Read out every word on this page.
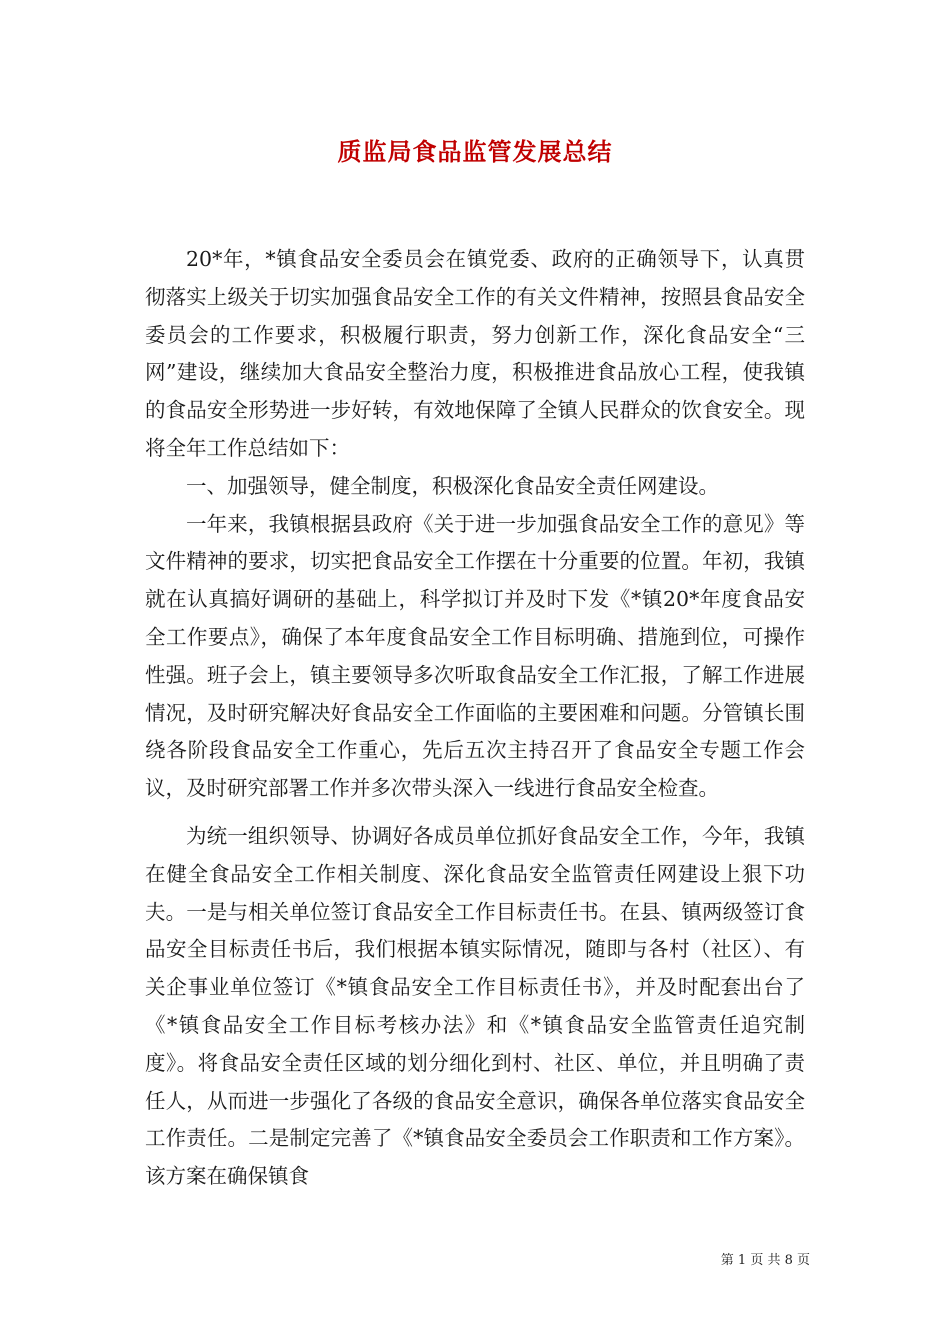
质监局食品监管发展总结

20*年，*镇食品安全委员会在镇党委、政府的正确领导下，认真贯彻落实上级关于切实加强食品安全工作的有关文件精神，按照县食品安全委员会的工作要求，积极履行职责，努力创新工作，深化食品安全“三网”建设，继续加大食品安全整治力度，积极推进食品放心工程，使我镇的食品安全形势进一步好转，有效地保障了全镇人民群众的饮食安全。现将全年工作总结如下：

一、加强领导，健全制度，积极深化食品安全责任网建设。

一年来，我镇根据县政府《关于进一步加强食品安全工作的意见》等文件精神的要求，切实把食品安全工作摆在十分重要的位置。年初，我镇就在认真搞好调研的基础上，科学拟订并及时下发《*镇20*年度食品安全工作要点》，确保了本年度食品安全工作目标明确、措施到位，可操作性强。班子会上，镇主要领导多次听取食品安全工作汇报，了解工作进展情况，及时研究解决好食品安全工作面临的主要困难和问题。分管镇长围绕各阶段食品安全工作重心，先后五次主持召开了食品安全专题工作会议，及时研究部署工作并多次带头深入一线进行食品安全检查。

为统一组织领导、协调好各成员单位抓好食品安全工作，今年，我镇在健全食品安全工作相关制度、深化食品安全监管责任网建设上狠下功夫。一是与相关单位签订食品安全工作目标责任书。在县、镇两级签订食品安全目标责任书后，我们根据本镇实际情况，随即与各村（社区）、有关企事业单位签订《*镇食品安全工作目标责任书》，并及时配套出台了《*镇食品安全工作目标考核办法》和《*镇食品安全监管责任追究制度》。将食品安全责任区域的划分细化到村、社区、单位，并且明确了责任人，从而进一步强化了各级的食品安全意识，确保各单位落实食品安全工作责任。二是制定完善了《*镇食品安全委员会工作职责和工作方案》。该方案在确保镇食

第 1 页 共 8 页
